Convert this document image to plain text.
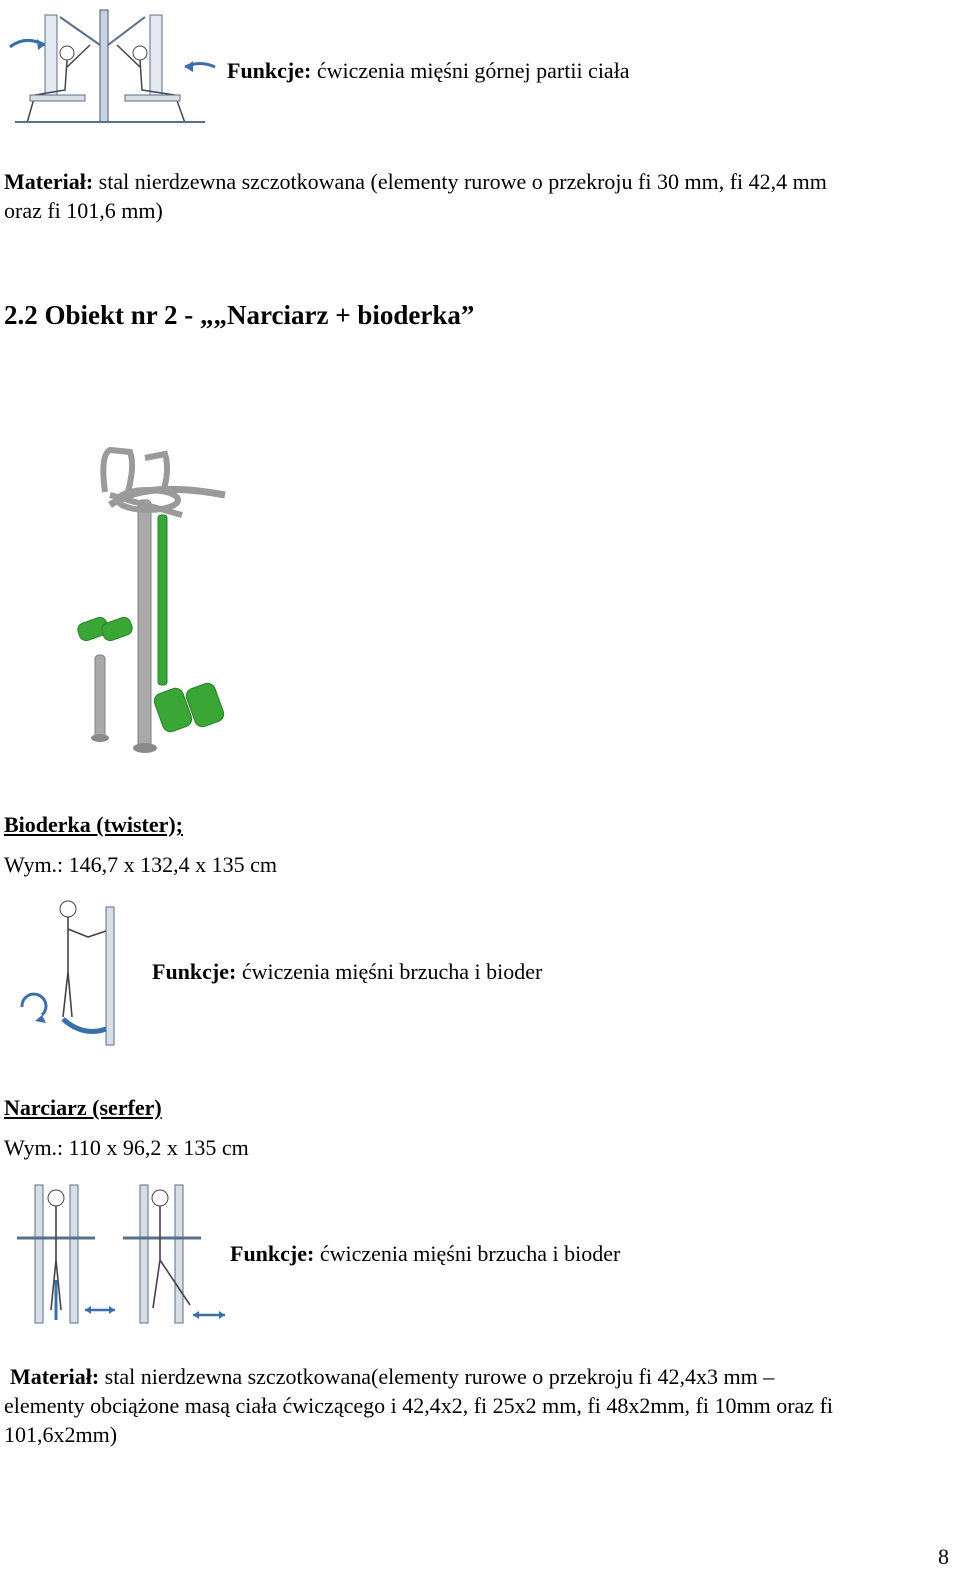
Funkcje: ćwiczenia mięśni górnej partii ciała
Materiał: stal nierdzewna szczotkowana (elementy rurowe o przekroju fi 30 mm, fi 42,4 mm
oraz fi 101,6 mm)
2.2 Obiekt nr 2 - „„Narciarz + bioderka”
Bioderka (twister);
Wym.: 146,7 x 132,4 x 135 cm
Funkcje: ćwiczenia mięśni brzucha i bioder
Narciarz (serfer)
Wym.: 110 x 96,2 x 135 cm
Funkcje: ćwiczenia mięśni brzucha i bioder
Materiał: stal nierdzewna szczotkowana(elementy rurowe o przekroju fi 42,4x3 mm –
elementy obciążone masą ciała ćwiczącego i 42,4x2, fi 25x2 mm, fi 48x2mm, fi 10mm oraz fi
101,6x2mm)
8
